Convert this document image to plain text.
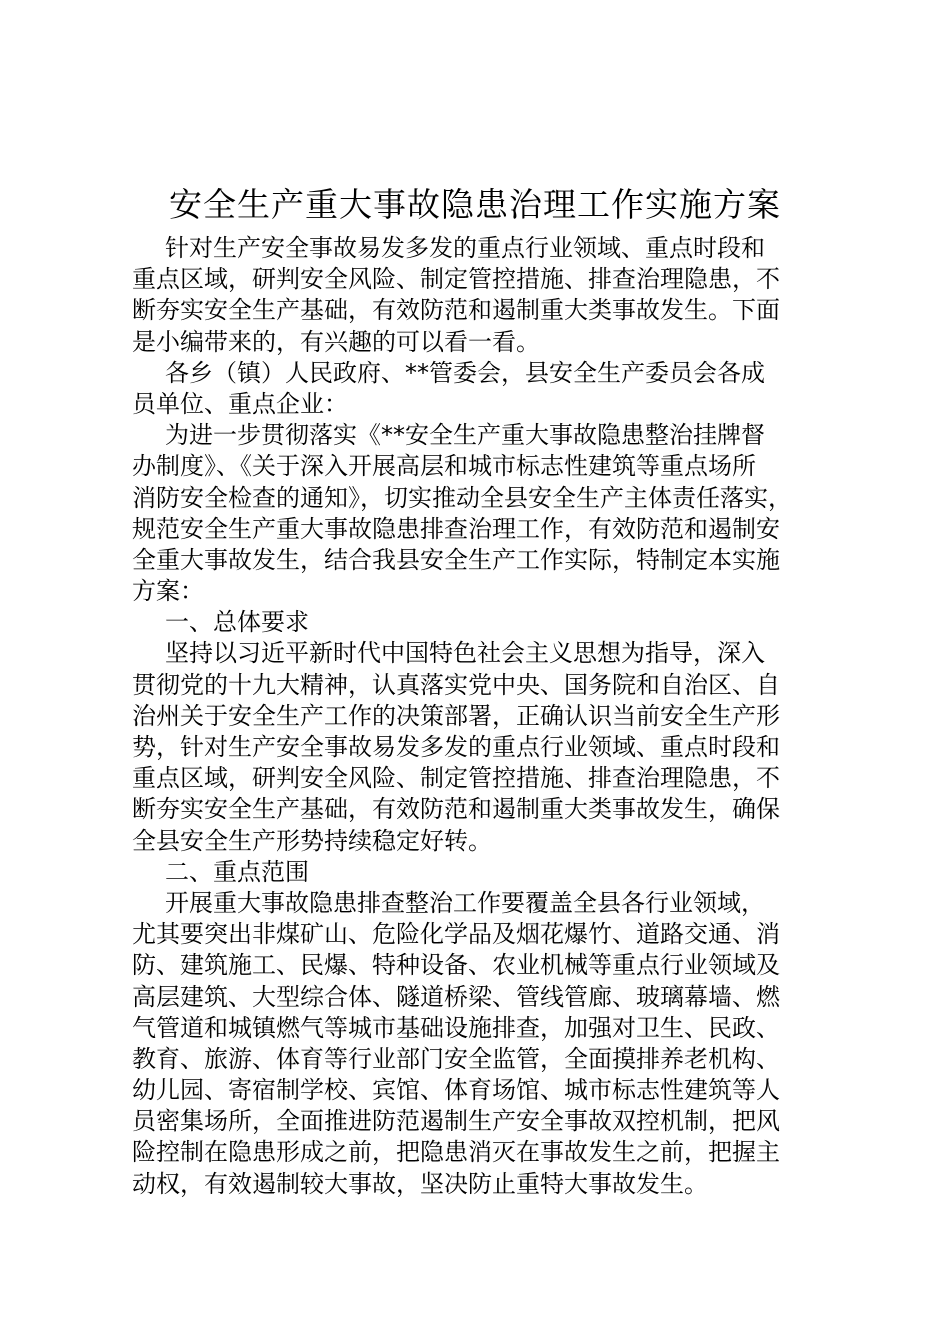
安全生产重大事故隐患治理工作实施方案
针对生产安全事故易发多发的重点行业领域、重点时段和
重点区域，研判安全风险、制定管控措施、排查治理隐患，不
断夯实安全生产基础，有效防范和遏制重大类事故发生。下面
是小编带来的，有兴趣的可以看一看。
各乡（镇）人民政府、**管委会，县安全生产委员会各成
员单位、重点企业：
为进一步贯彻落实《**安全生产重大事故隐患整治挂牌督
办制度》、《关于深入开展高层和城市标志性建筑等重点场所
消防安全检查的通知》，切实推动全县安全生产主体责任落实，
规范安全生产重大事故隐患排查治理工作，有效防范和遏制安
全重大事故发生，结合我县安全生产工作实际，特制定本实施
方案：
一、总体要求
坚持以习近平新时代中国特色社会主义思想为指导，深入
贯彻党的十九大精神，认真落实党中央、国务院和自治区、自
治州关于安全生产工作的决策部署，正确认识当前安全生产形
势，针对生产安全事故易发多发的重点行业领域、重点时段和
重点区域，研判安全风险、制定管控措施、排查治理隐患，不
断夯实安全生产基础，有效防范和遏制重大类事故发生，确保
全县安全生产形势持续稳定好转。
二、重点范围
开展重大事故隐患排查整治工作要覆盖全县各行业领域，
尤其要突出非煤矿山、危险化学品及烟花爆竹、道路交通、消
防、建筑施工、民爆、特种设备、农业机械等重点行业领域及
高层建筑、大型综合体、隧道桥梁、管线管廊、玻璃幕墙、燃
气管道和城镇燃气等城市基础设施排查，加强对卫生、民政、
教育、旅游、体育等行业部门安全监管，全面摸排养老机构、
幼儿园、寄宿制学校、宾馆、体育场馆、城市标志性建筑等人
员密集场所，全面推进防范遏制生产安全事故双控机制，把风
险控制在隐患形成之前，把隐患消灭在事故发生之前，把握主
动权，有效遏制较大事故，坚决防止重特大事故发生。
